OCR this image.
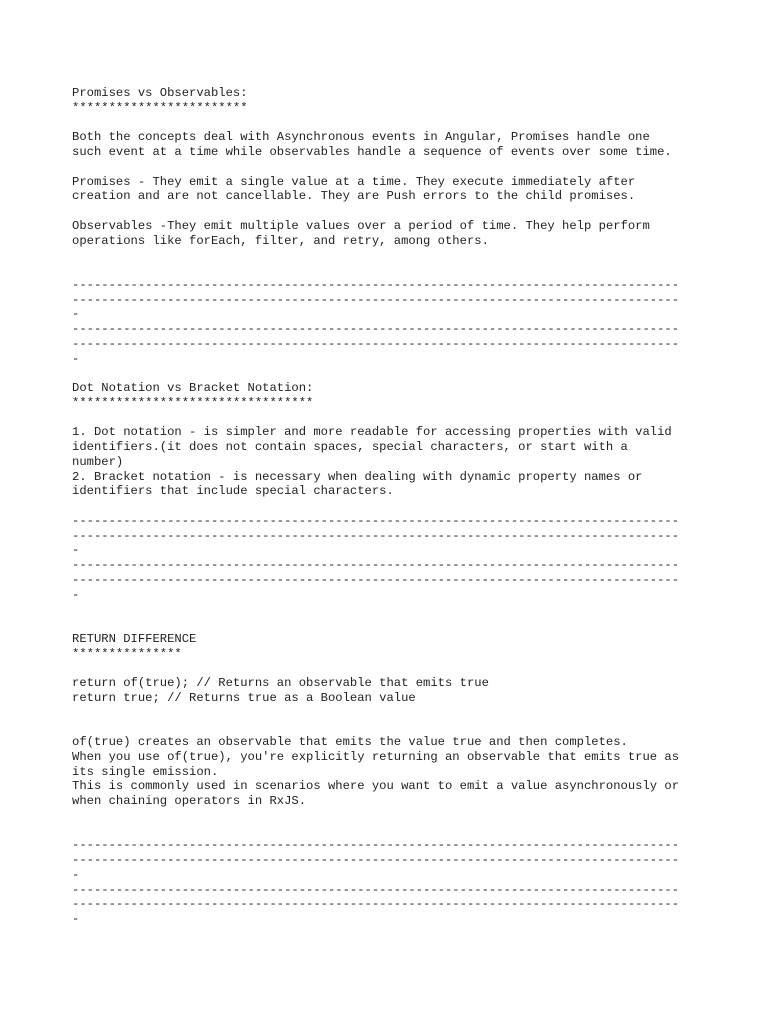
Promises vs Observables:
************************
Both the concepts deal with Asynchronous events in Angular, Promises handle one
such event at a time while observables handle a sequence of events over some time.
Promises - They emit a single value at a time. They execute immediately after
creation and are not cancellable. They are Push errors to the child promises.
Observables -They emit multiple values over a period of time. They help perform
operations like forEach, filter, and retry, among others.
-----------------------------------------------------------------------------------
-----------------------------------------------------------------------------------
-
-----------------------------------------------------------------------------------
-----------------------------------------------------------------------------------
-
Dot Notation vs Bracket Notation:
*********************************
1. Dot notation - is simpler and more readable for accessing properties with valid
identifiers.(it does not contain spaces, special characters, or start with a
number)
2. Bracket notation - is necessary when dealing with dynamic property names or
identifiers that include special characters.
-----------------------------------------------------------------------------------
-----------------------------------------------------------------------------------
-
-----------------------------------------------------------------------------------
-----------------------------------------------------------------------------------
-
RETURN DIFFERENCE
***************
return of(true); // Returns an observable that emits true
return true; // Returns true as a Boolean value
of(true) creates an observable that emits the value true and then completes.
When you use of(true), you're explicitly returning an observable that emits true as
its single emission.
This is commonly used in scenarios where you want to emit a value asynchronously or
when chaining operators in RxJS.
-----------------------------------------------------------------------------------
-----------------------------------------------------------------------------------
-
-----------------------------------------------------------------------------------
-----------------------------------------------------------------------------------
-
